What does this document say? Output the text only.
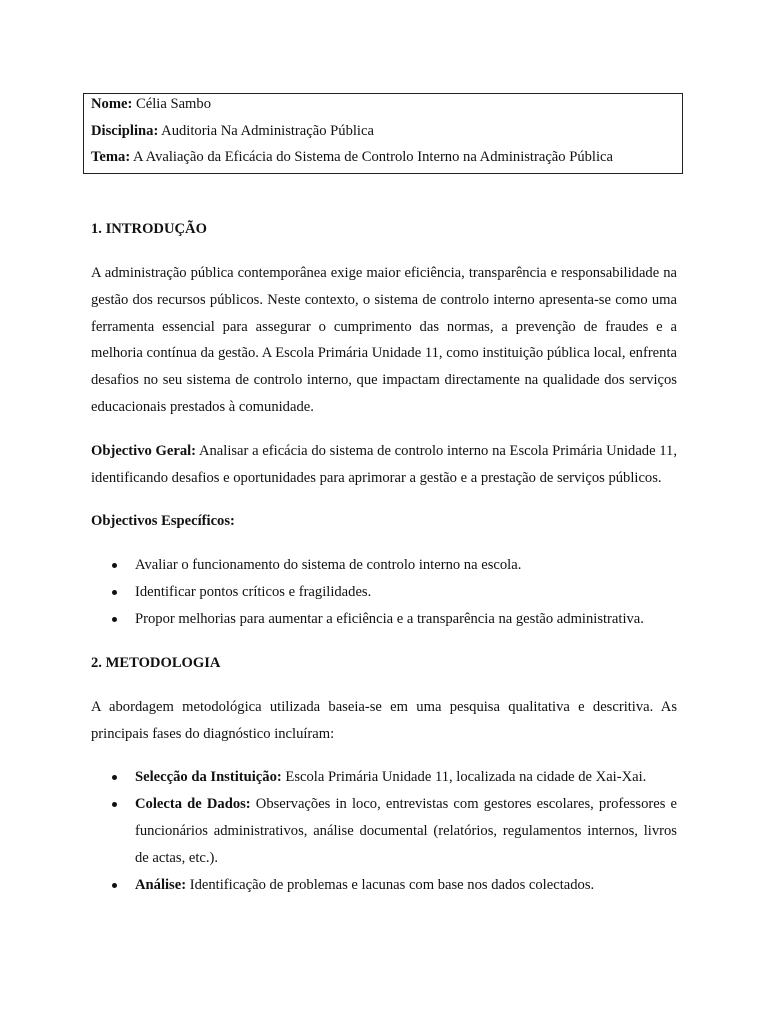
Nome: Célia Sambo
Disciplina: Auditoria Na Administração Pública
Tema: A Avaliação da Eficácia do Sistema de Controlo Interno na Administração Pública
1. INTRODUÇÃO

A administração pública contemporânea exige maior eficiência, transparência e responsabilidade na gestão dos recursos públicos. Neste contexto, o sistema de controlo interno apresenta-se como uma ferramenta essencial para assegurar o cumprimento das normas, a prevenção de fraudes e a melhoria contínua da gestão. A Escola Primária Unidade 11, como instituição pública local, enfrenta desafios no seu sistema de controlo interno, que impactam directamente na qualidade dos serviços educacionais prestados à comunidade.

Objectivo Geral: Analisar a eficácia do sistema de controlo interno na Escola Primária Unidade 11, identificando desafios e oportunidades para aprimorar a gestão e a prestação de serviços públicos.

Objectivos Específicos:
Avaliar o funcionamento do sistema de controlo interno na escola.
Identificar pontos críticos e fragilidades.
Propor melhorias para aumentar a eficiência e a transparência na gestão administrativa.
2. METODOLOGIA

A abordagem metodológica utilizada baseia-se em uma pesquisa qualitativa e descritiva. As principais fases do diagnóstico incluíram:

Selecção da Instituição: Escola Primária Unidade 11, localizada na cidade de Xai-Xai.
Colecta de Dados: Observações in loco, entrevistas com gestores escolares, professores e funcionários administrativos, análise documental (relatórios, regulamentos internos, livros de actas, etc.).
Análise: Identificação de problemas e lacunas com base nos dados colectados.
